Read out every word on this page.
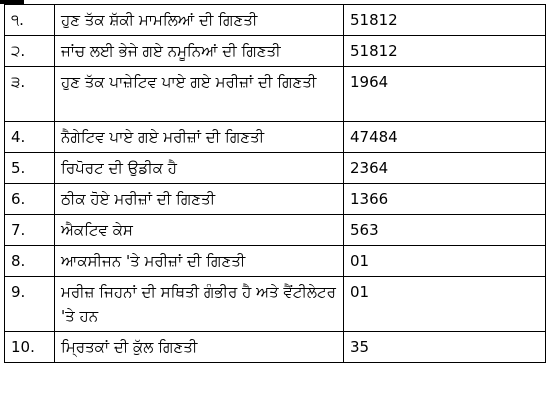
੧.	ਹੁਣ ਤੱਕ ਸ਼ੱਕੀ ਮਾਮਲਿਆਂ ਦੀ ਗਿਣਤੀ	51812
੨.	ਜਾਂਚ ਲਈ ਭੇਜੇ ਗਏ ਨਮੂਨਿਆਂ ਦੀ ਗਿਣਤੀ	51812
੩.	ਹੁਣ ਤੱਕ ਪਾਜ਼ੇਟਿਵ ਪਾਏ ਗਏ ਮਰੀਜ਼ਾਂ ਦੀ ਗਿਣਤੀ	1964
4.	ਨੈਗੇਟਿਵ ਪਾਏ ਗਏ ਮਰੀਜ਼ਾਂ ਦੀ ਗਿਣਤੀ	47484
5.	ਰਿਪੋਰਟ ਦੀ ਉਡੀਕ ਹੈ	2364
6.	ਠੀਕ ਹੋਏ ਮਰੀਜ਼ਾਂ ਦੀ ਗਿਣਤੀ	1366
7.	ਐਕਟਿਵ ਕੇਸ	563
8.	ਆਕਸੀਜਨ 'ਤੇ ਮਰੀਜ਼ਾਂ ਦੀ ਗਿਣਤੀ	01
9.	ਮਰੀਜ਼ ਜਿਹਨਾਂ ਦੀ ਸਥਿਤੀ ਗੰਭੀਰ ਹੈ ਅਤੇ ਵੈਂਟੀਲੇਟਰ 'ਤੇ ਹਨ	01
10.	ਮ੍ਰਿਤਕਾਂ ਦੀ ਕੁੱਲ ਗਿਣਤੀ	35
